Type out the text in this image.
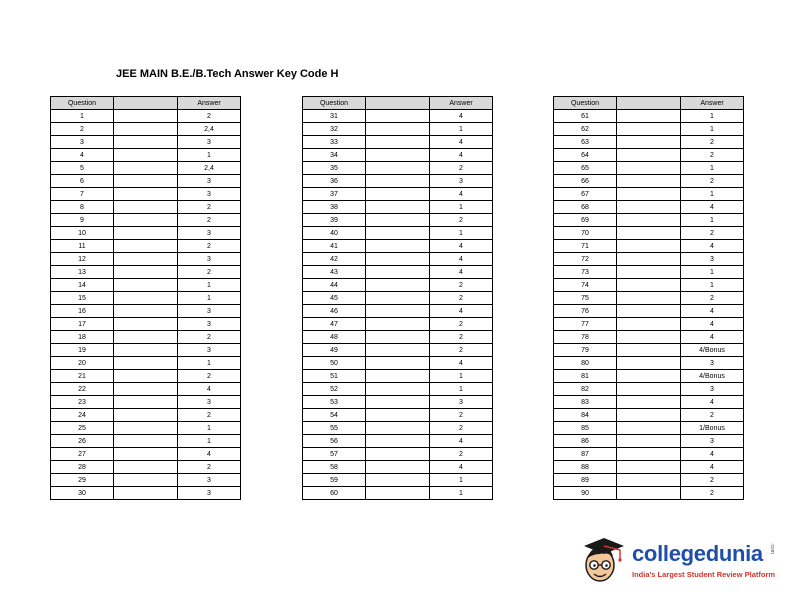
JEE MAIN B.E./B.Tech Answer Key Code H
Question		Answer
1		2
2		2,4
3		3
4		1
5		2,4
6		3
7		3
8		2
9		2
10		3
11		2
12		3
13		2
14		1
15		1
16		3
17		3
18		2
19		3
20		1
21		2
22		4
23		3
24		2
25		1
26		1
27		4
28		2
29		3
30		3
Question		Answer
31		4
32		1
33		4
34		4
35		2
36		3
37		4
38		1
39		2
40		1
41		4
42		4
43		4
44		2
45		2
46		4
47		2
48		2
49		2
50		4
51		1
52		1
53		3
54		2
55		2
56		4
57		2
58		4
59		1
60		1
Question		Answer
61		1
62		1
63		2
64		2
65		1
66		2
67		1
68		4
69		1
70		2
71		4
72		3
73		1
74		1
75		2
76		4
77		4
78		4
79		4/Bonus
80		3
81		4/Bonus
82		3
83		4
84		2
85		1/Bonus
86		3
87		4
88		4
89		2
90		2
collegedunia .com
India's Largest Student Review Platform
